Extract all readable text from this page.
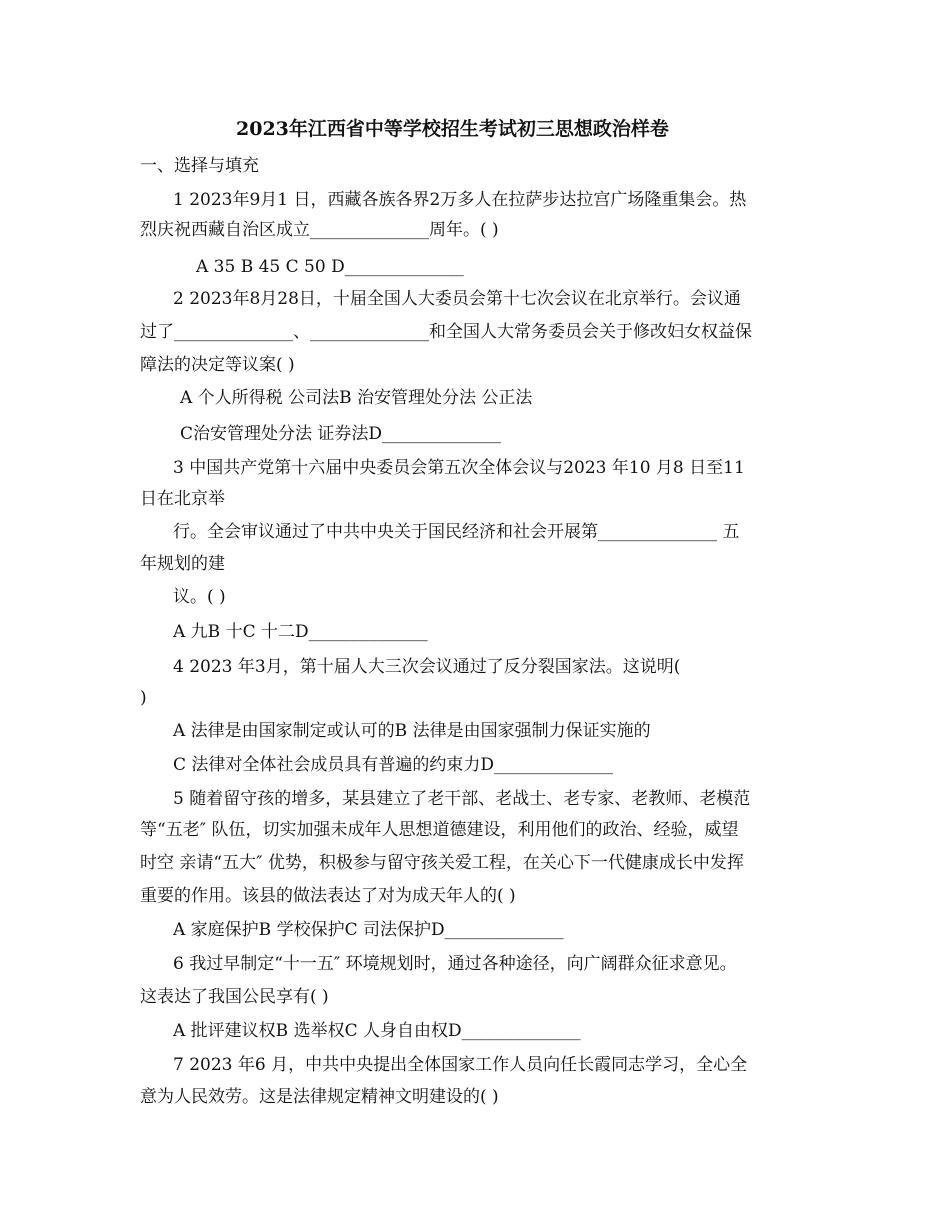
2023年江西省中等学校招生考试初三思想政治样卷
一、选择与填充
1 2023年9月1 日，西藏各族各界2万多人在拉萨步达拉宫广场隆重集会。热
烈庆祝西藏自治区成立______________周年。( )
A 35 B 45 C 50 D______________
2 2023年8月28日，十届全国人大委员会第十七次会议在北京举行。会议通
过了______________、______________和全国人大常务委员会关于修改妇女权益保
障法的决定等议案( )
A 个人所得税 公司法B 治安管理处分法 公正法
C治安管理处分法 证券法D______________
3 中国共产党第十六届中央委员会第五次全体会议与2023 年10 月8 日至11
日在北京举
行。全会审议通过了中共中央关于国民经济和社会开展第______________ 五
年规划的建
议。( )
A 九B 十C 十二D______________
4 2023 年3月，第十届人大三次会议通过了反分裂国家法。这说明(
)
A 法律是由国家制定或认可的B 法律是由国家强制力保证实施的
C 法律对全体社会成员具有普遍的约束力D______________
5 随着留守孩的增多，某县建立了老干部、老战士、老专家、老教师、老模范
等“五老″ 队伍，切实加强未成年人思想道德建设，利用他们的政治、经验，威望
时空 亲请“五大″ 优势，积极参与留守孩关爱工程，在关心下一代健康成长中发挥
重要的作用。该县的做法表达了对为成天年人的( )
A 家庭保护B 学校保护C 司法保护D______________
6 我过早制定“十一五″ 环境规划时，通过各种途径，向广阔群众征求意见。
这表达了我国公民享有( )
A 批评建议权B 选举权C 人身自由权D______________
7 2023 年6 月，中共中央提出全体国家工作人员向任长霞同志学习，全心全
意为人民效劳。这是法律规定精神文明建设的( )
